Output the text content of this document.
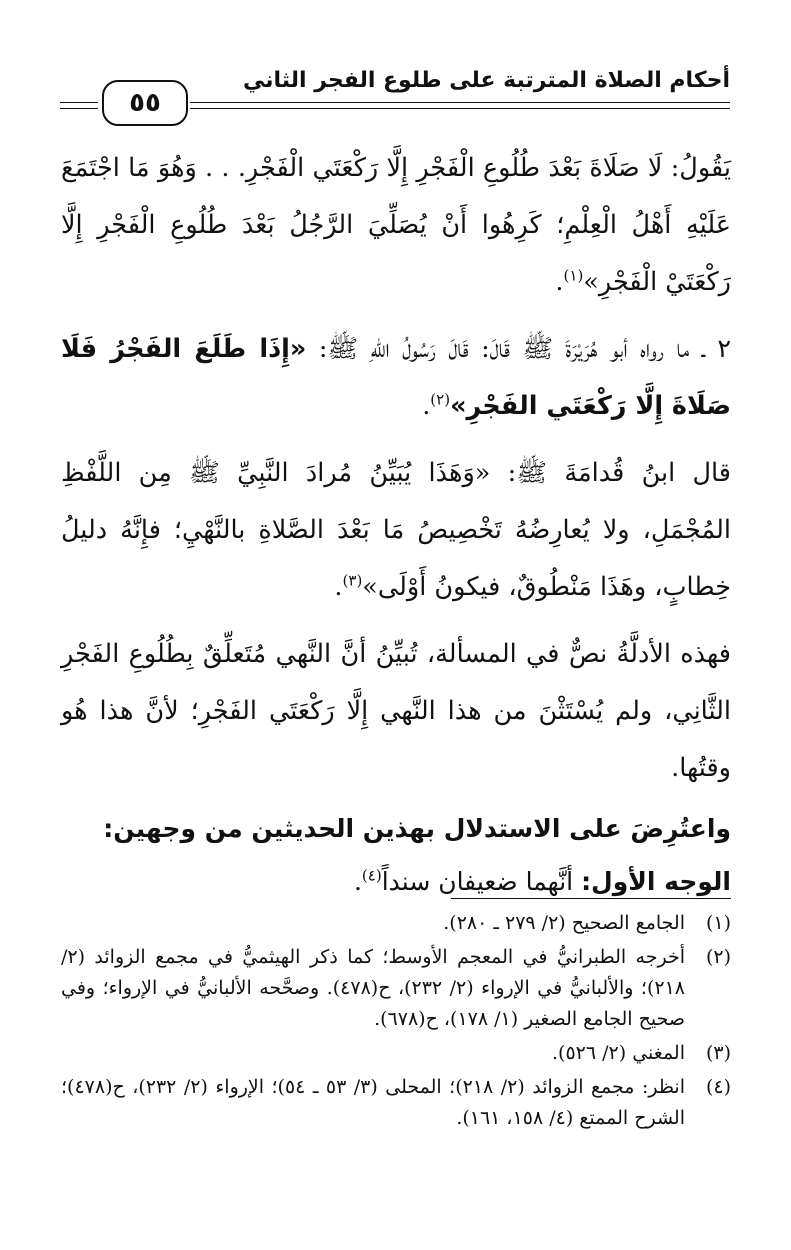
أحكام الصلاة المترتبة على طلوع الفجر الثاني
٥٥

يَقُولُ: لَا صَلَاةَ بَعْدَ طُلُوعِ الْفَجْرِ إِلَّا رَكْعَتَي الْفَجْرِ. . . وَهُوَ مَا اجْتَمَعَ عَلَيْهِ أَهْلُ الْعِلْمِ؛ كَرِهُوا أَنْ يُصَلِّيَ الرَّجُلُ بَعْدَ طُلُوعِ الْفَجْرِ إِلَّا رَكْعَتَيْ الْفَجْرِ»$^{(١)}$.

٢ ـ ما رواه أبو هُرَيْرَةَ ﷺ قَالَ: قَالَ رَسُولُ اللهِ ﷺ: «إِذَا طَلَعَ الفَجْرُ فَلَا صَلَاةَ إِلَّا رَكْعَتَي الفَجْرِ»$^{(٢)}$.

قال ابنُ قُدامَةَ ﷺ: «وَهَذَا يُبَيِّنُ مُرادَ النَّبِيِّ ﷺ مِن اللَّفْظِ المُجْمَلِ، ولا يُعارِضُهُ تَخْصِيصُ مَا بَعْدَ الصَّلاةِ بالنَّهْيِ؛ فإِنَّهُ دليلُ خِطابٍ، وهَذَا مَنْطُوقٌ، فيكونُ أَوْلَى»$^{(٣)}$.

فهذه الأدلَّةُ نصٌّ في المسألة، تُبيِّنُ أنَّ النَّهي مُتَعلِّقٌ بِطُلُوعِ الفَجْرِ الثَّانِي، ولم يُسْتَثْنَ من هذا النَّهي إِلَّا رَكْعَتَي الفَجْرِ؛ لأنَّ هذا هُو وقتُها.

واعتُرِضَ على الاستدلال بهذين الحديثين من وجهين:

الوجه الأول: أنَّهما ضعيفان سنداً$^{(٤)}$.

(١)
الجامع الصحيح (٢/ ٢٧٩ ـ ٢٨٠).
(٢)
أخرجه الطبرانيُّ في المعجم الأوسط؛ كما ذكر الهيثميُّ في مجمع الزوائد (٢/ ٢١٨)؛ والألبانيُّ في الإرواء (٢/ ٢٣٢)، ح(٤٧٨). وصحَّحه الألبانيُّ في الإرواء؛ وفي صحيح الجامع الصغير (١/ ١٧٨)، ح(٦٧٨).
(٣)
المغني (٢/ ٥٢٦).
(٤)
انظر: مجمع الزوائد (٢/ ٢١٨)؛ المحلى (٣/ ٥٣ ـ ٥٤)؛ الإرواء (٢/ ٢٣٢)، ح(٤٧٨)؛ الشرح الممتع (٤/ ١٥٨، ١٦١).
